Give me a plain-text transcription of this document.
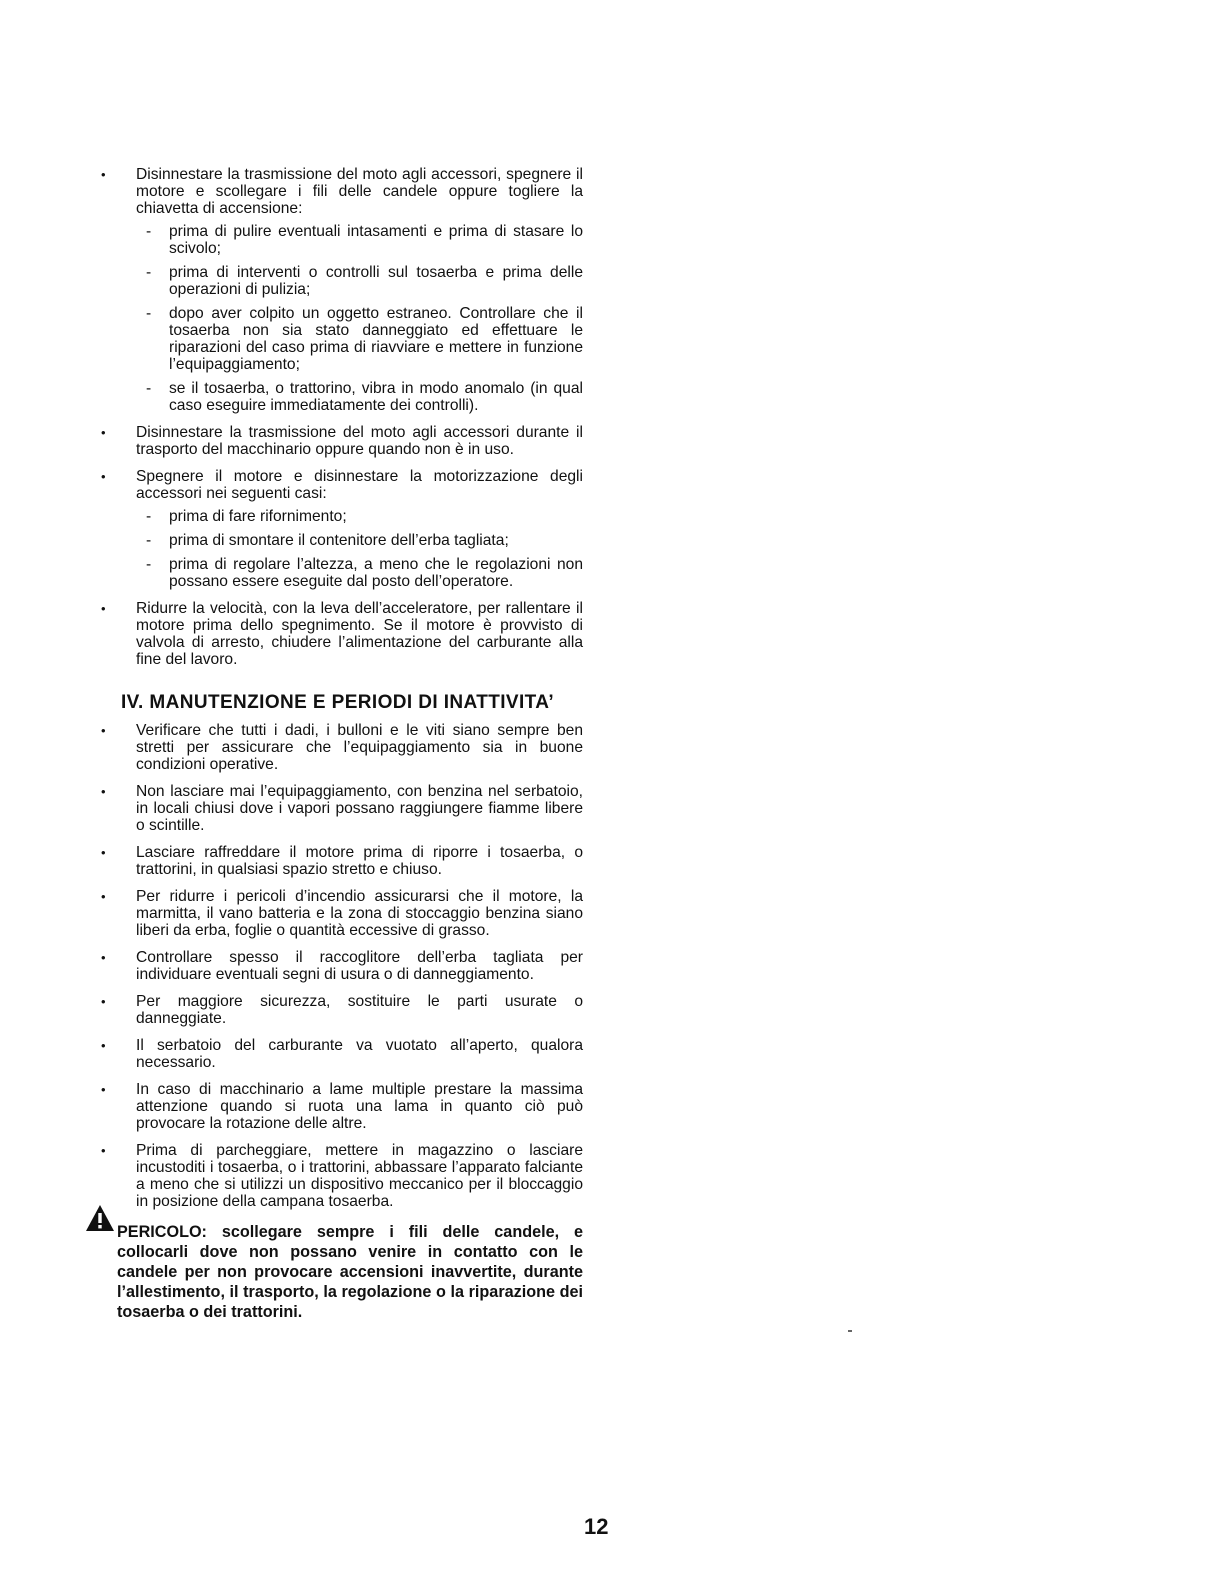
•	Disinnestare la trasmissione del moto agli accessori, spegnere il motore e scollegare i fili delle candele oppure togliere la chiavetta di accensione:
- prima di pulire eventuali intasamenti e prima di stasare lo scivolo;
- prima di interventi o controlli sul tosaerba e prima delle operazioni di pulizia;
- dopo aver colpito un oggetto estraneo. Controllare che il tosaerba non sia stato danneggiato ed effettuare le riparazioni del caso prima di riavviare e mettere in funzione l’equipaggiamento;
- se il tosaerba, o trattorino, vibra in modo anomalo (in qual caso eseguire immediatamente dei controlli).
•	Disinnestare la trasmissione del moto agli accessori durante il trasporto del macchinario oppure quando non è in uso.
•	Spegnere il motore e disinnestare la motorizzazione degli accessori nei seguenti casi:
- prima di fare rifornimento;
- prima di smontare il contenitore dell’erba tagliata;
- prima di regolare l’altezza, a meno che le regolazioni non possano essere eseguite dal posto dell’operatore.
•	Ridurre la velocità, con la leva dell’acceleratore, per rallentare il motore prima dello spegnimento. Se il motore è provvisto di valvola di arresto, chiudere l’alimentazione del carburante alla fine del lavoro.
IV. MANUTENZIONE E PERIODI DI INATTIVITA’
•	Verificare che tutti i dadi, i bulloni e le viti siano sempre ben stretti per assicurare che l’equipaggiamento sia in buone condizioni operative.
•	Non lasciare mai l’equipaggiamento, con benzina nel serbatoio, in locali chiusi dove i vapori possano raggiungere fiamme libere o scintille.
•	Lasciare raffreddare il motore prima di riporre i tosaerba, o trattorini, in qualsiasi spazio stretto e chiuso.
•	Per ridurre i pericoli d’incendio assicurarsi che il motore, la marmitta, il vano batteria e la zona di stoccaggio benzina siano liberi da erba, foglie o quantità eccessive di grasso.
•	Controllare spesso il raccoglitore dell’erba tagliata per individuare eventuali segni di usura o di danneggiamento.
•	Per maggiore sicurezza, sostituire le parti usurate o danneggiate.
•	Il serbatoio del carburante va vuotato all’aperto, qualora necessario.
•	In caso di macchinario a lame multiple prestare la massima attenzione quando si ruota una lama in quanto ciò può provocare la rotazione delle altre.
•	Prima di parcheggiare, mettere in magazzino o lasciare incustoditi i tosaerba, o i trattorini, abbassare l’apparato falciante a meno che si utilizzi un dispositivo meccanico per il bloccaggio in posizione della campana tosaerba.
PERICOLO: scollegare sempre i fili delle candele, e collocarli dove non possano venire in contatto con le candele per non provocare accensioni inavvertite, durante l’allestimento, il trasporto, la regolazione o la riparazione dei tosaerba o dei trattorini.
12
